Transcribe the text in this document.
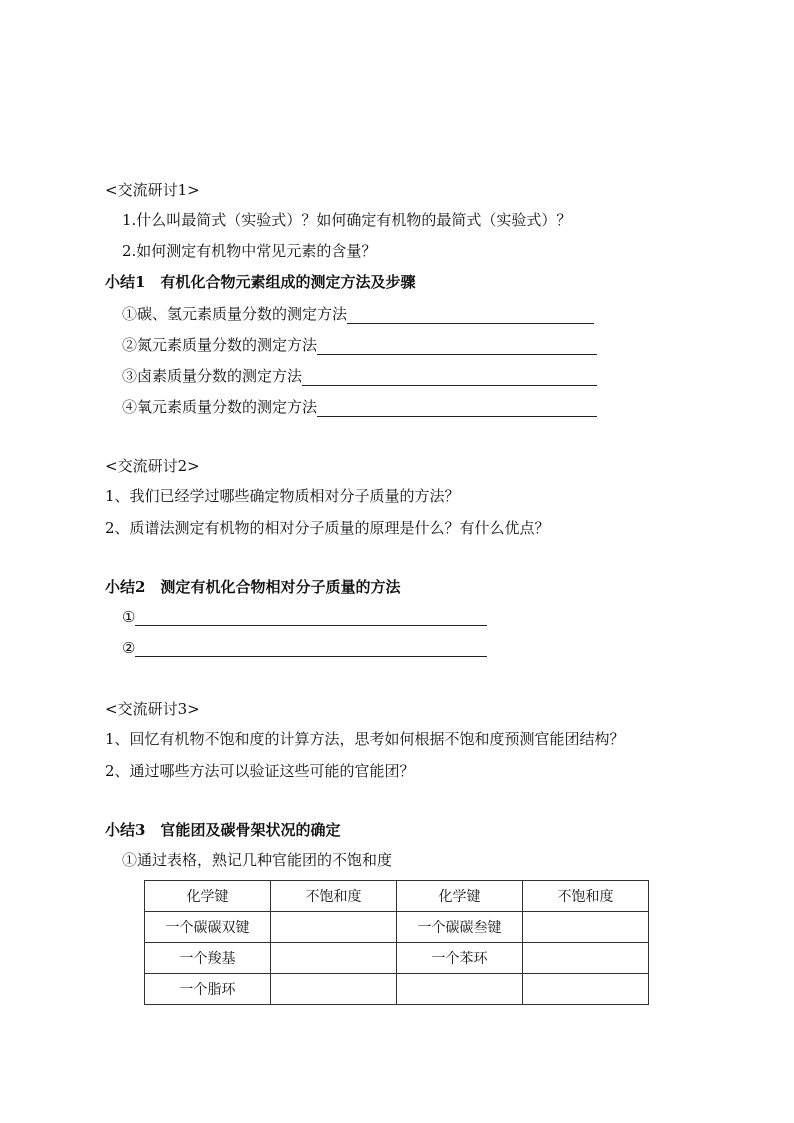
<交流研讨1>
1.什么叫最简式（实验式）？如何确定有机物的最简式（实验式）？
2.如何测定有机物中常见元素的含量？
小结1　有机化合物元素组成的测定方法及步骤
①碳、氢元素质量分数的测定方法
②氮元素质量分数的测定方法
③卤素质量分数的测定方法
④氧元素质量分数的测定方法
<交流研讨2>
1、我们已经学过哪些确定物质相对分子质量的方法？
2、质谱法测定有机物的相对分子质量的原理是什么？有什么优点？
小结2　测定有机化合物相对分子质量的方法
①
②
<交流研讨3>
1、回忆有机物不饱和度的计算方法，思考如何根据不饱和度预测官能团结构？
2、通过哪些方法可以验证这些可能的官能团？
小结3　官能团及碳骨架状况的确定
①通过表格，熟记几种官能团的不饱和度
化学键	不饱和度	化学键	不饱和度
一个碳碳双键		一个碳碳叁键	
一个羧基		一个苯环	
一个脂环			
